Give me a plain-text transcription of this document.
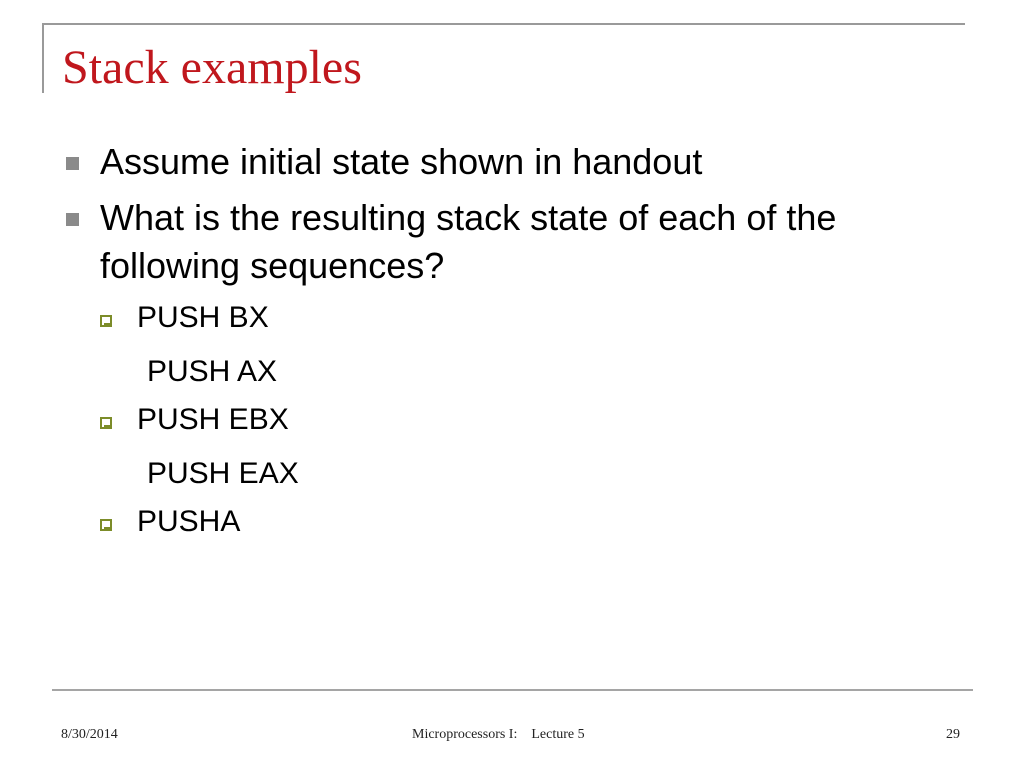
Stack examples
Assume initial state shown in handout
What is the resulting stack state of each of the following sequences?
PUSH BX
PUSH AX
PUSH EBX
PUSH EAX
PUSHA
8/30/2014	Microprocessors I: Lecture 5	29
